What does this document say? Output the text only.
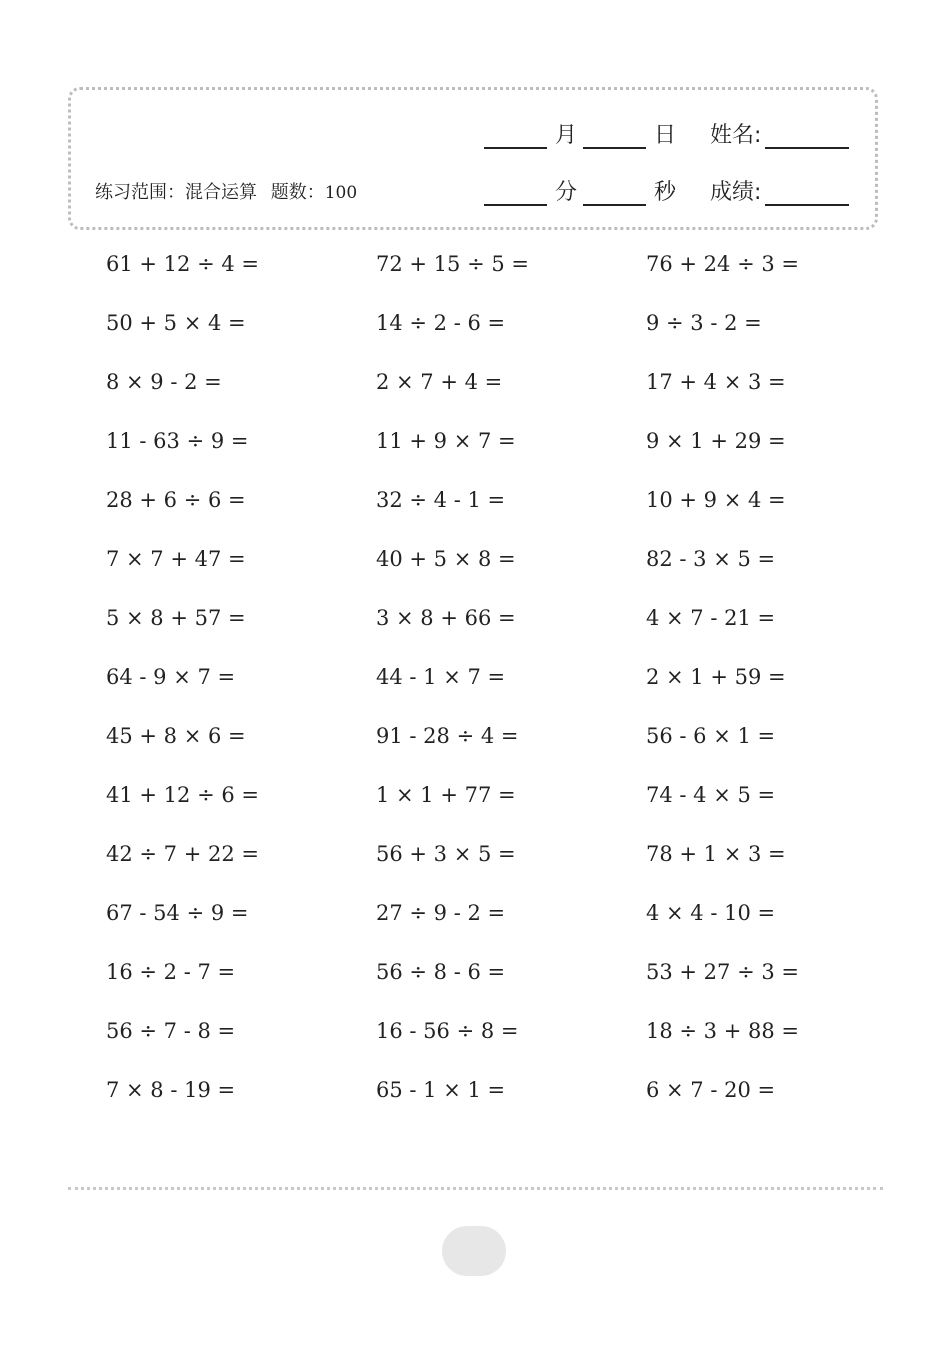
练习范围：混合运算 题数：100
月	日 姓名:
分	秒 成绩:
61 + 12 ÷ 4 =	72 + 15 ÷ 5 =	76 + 24 ÷ 3 =
50 + 5 × 4 =	14 ÷ 2 - 6 =	9 ÷ 3 - 2 =
8 × 9 - 2 =	2 × 7 + 4 =	17 + 4 × 3 =
11 - 63 ÷ 9 =	11 + 9 × 7 =	9 × 1 + 29 =
28 + 6 ÷ 6 =	32 ÷ 4 - 1 =	10 + 9 × 4 =
7 × 7 + 47 =	40 + 5 × 8 =	82 - 3 × 5 =
5 × 8 + 57 =	3 × 8 + 66 =	4 × 7 - 21 =
64 - 9 × 7 =	44 - 1 × 7 =	2 × 1 + 59 =
45 + 8 × 6 =	91 - 28 ÷ 4 =	56 - 6 × 1 =
41 + 12 ÷ 6 =	1 × 1 + 77 =	74 - 4 × 5 =
42 ÷ 7 + 22 =	56 + 3 × 5 =	78 + 1 × 3 =
67 - 54 ÷ 9 =	27 ÷ 9 - 2 =	4 × 4 - 10 =
16 ÷ 2 - 7 =	56 ÷ 8 - 6 =	53 + 27 ÷ 3 =
56 ÷ 7 - 8 =	16 - 56 ÷ 8 =	18 ÷ 3 + 88 =
7 × 8 - 19 =	65 - 1 × 1 =	6 × 7 - 20 =
